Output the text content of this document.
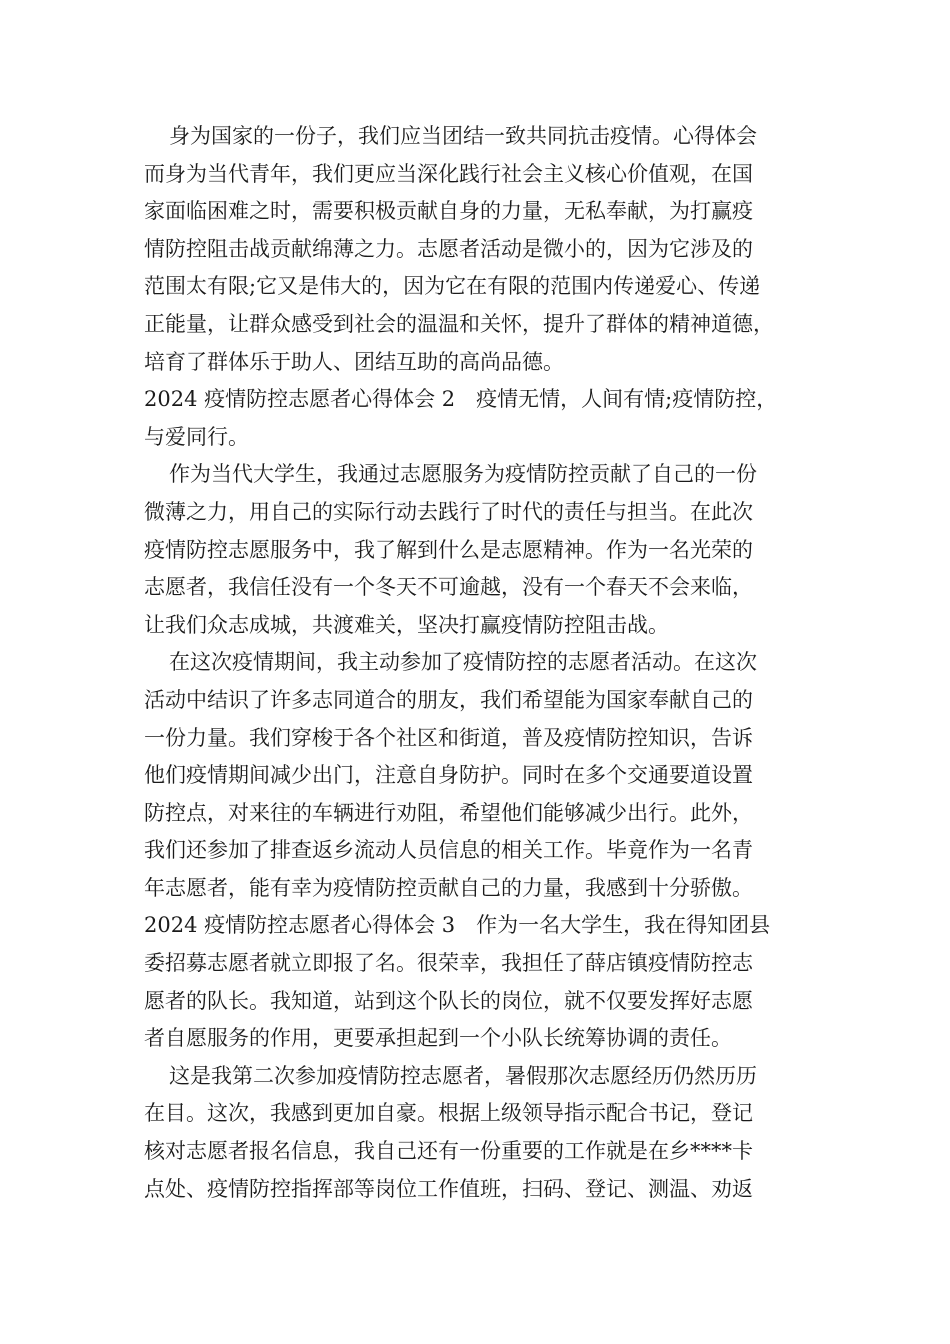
身为国家的一份子，我们应当团结一致共同抗击疫情。心得体会
而身为当代青年，我们更应当深化践行社会主义核心价值观，在国
家面临困难之时，需要积极贡献自身的力量，无私奉献，为打赢疫
情防控阻击战贡献绵薄之力。志愿者活动是微小的，因为它涉及的
范围太有限;它又是伟大的，因为它在有限的范围内传递爱心、传递
正能量，让群众感受到社会的温温和关怀，提升了群体的精神道德，
培育了群体乐于助人、团结互助的高尚品德。
2024 疫情防控志愿者心得体会 2　疫情无情，人间有情;疫情防控，
与爱同行。
作为当代大学生，我通过志愿服务为疫情防控贡献了自己的一份
微薄之力，用自己的实际行动去践行了时代的责任与担当。在此次
疫情防控志愿服务中，我了解到什么是志愿精神。作为一名光荣的
志愿者，我信任没有一个冬天不可逾越，没有一个春天不会来临，
让我们众志成城，共渡难关，坚决打赢疫情防控阻击战。
在这次疫情期间，我主动参加了疫情防控的志愿者活动。在这次
活动中结识了许多志同道合的朋友，我们希望能为国家奉献自己的
一份力量。我们穿梭于各个社区和街道，普及疫情防控知识，告诉
他们疫情期间减少出门，注意自身防护。同时在多个交通要道设置
防控点，对来往的车辆进行劝阻，希望他们能够减少出行。此外，
我们还参加了排查返乡流动人员信息的相关工作。毕竟作为一名青
年志愿者，能有幸为疫情防控贡献自己的力量，我感到十分骄傲。
2024 疫情防控志愿者心得体会 3　作为一名大学生，我在得知团县
委招募志愿者就立即报了名。很荣幸，我担任了薛店镇疫情防控志
愿者的队长。我知道，站到这个队长的岗位，就不仅要发挥好志愿
者自愿服务的作用，更要承担起到一个小队长统筹协调的责任。
这是我第二次参加疫情防控志愿者，暑假那次志愿经历仍然历历
在目。这次，我感到更加自豪。根据上级领导指示配合书记，登记
核对志愿者报名信息，我自己还有一份重要的工作就是在乡****卡
点处、疫情防控指挥部等岗位工作值班，扫码、登记、测温、劝返
